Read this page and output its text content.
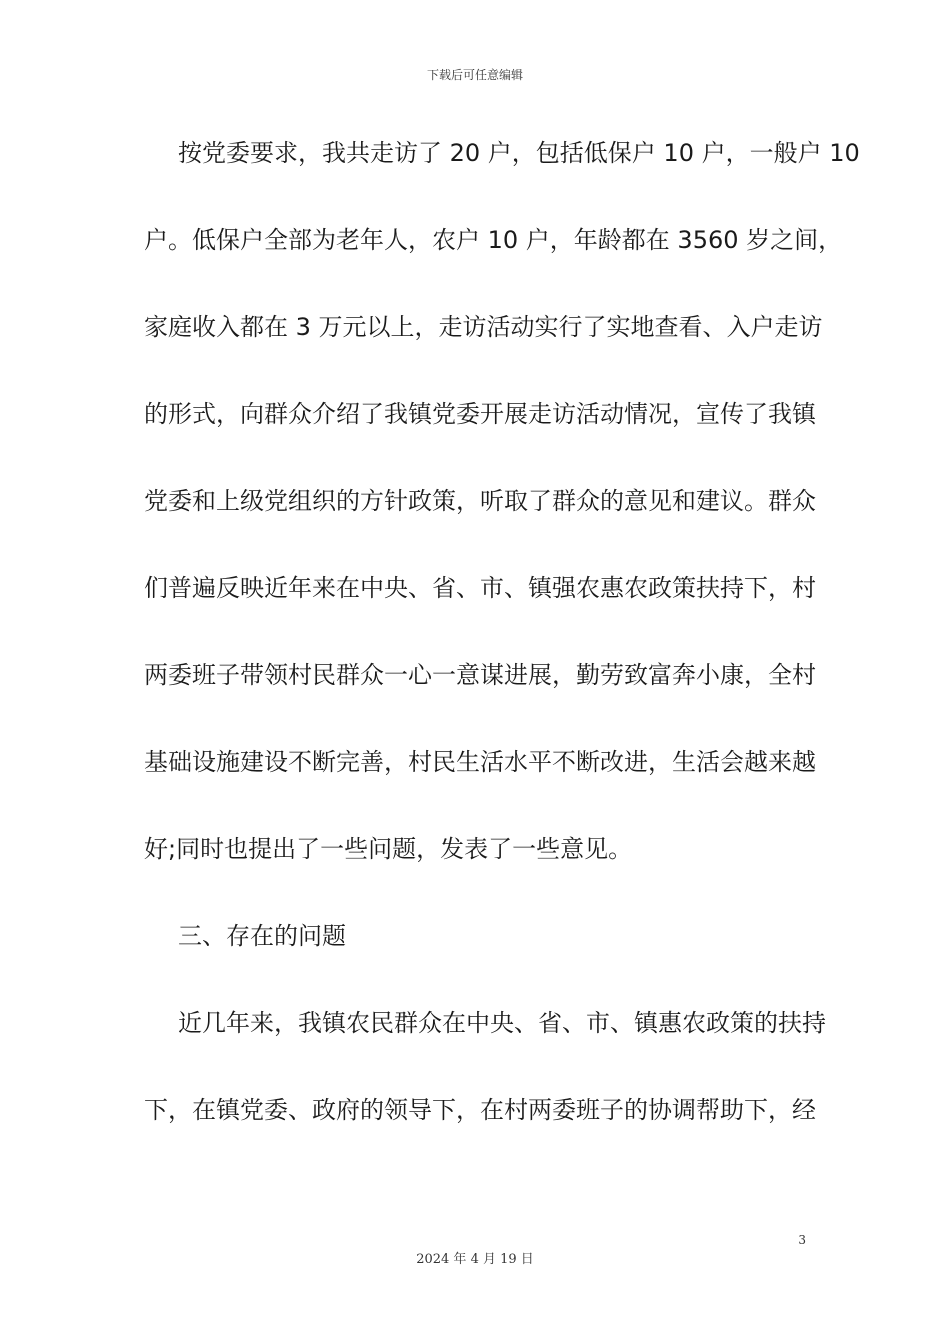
下载后可任意编辑
按党委要求，我共走访了 20 户，包括低保户 10 户，一般户 10
户。低保户全部为老年人，农户 10 户，年龄都在 3560 岁之间，
家庭收入都在 3 万元以上，走访活动实行了实地查看、入户走访
的形式，向群众介绍了我镇党委开展走访活动情况，宣传了我镇
党委和上级党组织的方针政策，听取了群众的意见和建议。群众
们普遍反映近年来在中央、省、市、镇强农惠农政策扶持下，村
两委班子带领村民群众一心一意谋进展，勤劳致富奔小康，全村
基础设施建设不断完善，村民生活水平不断改进，生活会越来越
好;同时也提出了一些问题，发表了一些意见。
三、存在的问题
近几年来，我镇农民群众在中央、省、市、镇惠农政策的扶持
下，在镇党委、政府的领导下，在村两委班子的协调帮助下，经
3
2024 年 4 月 19 日
